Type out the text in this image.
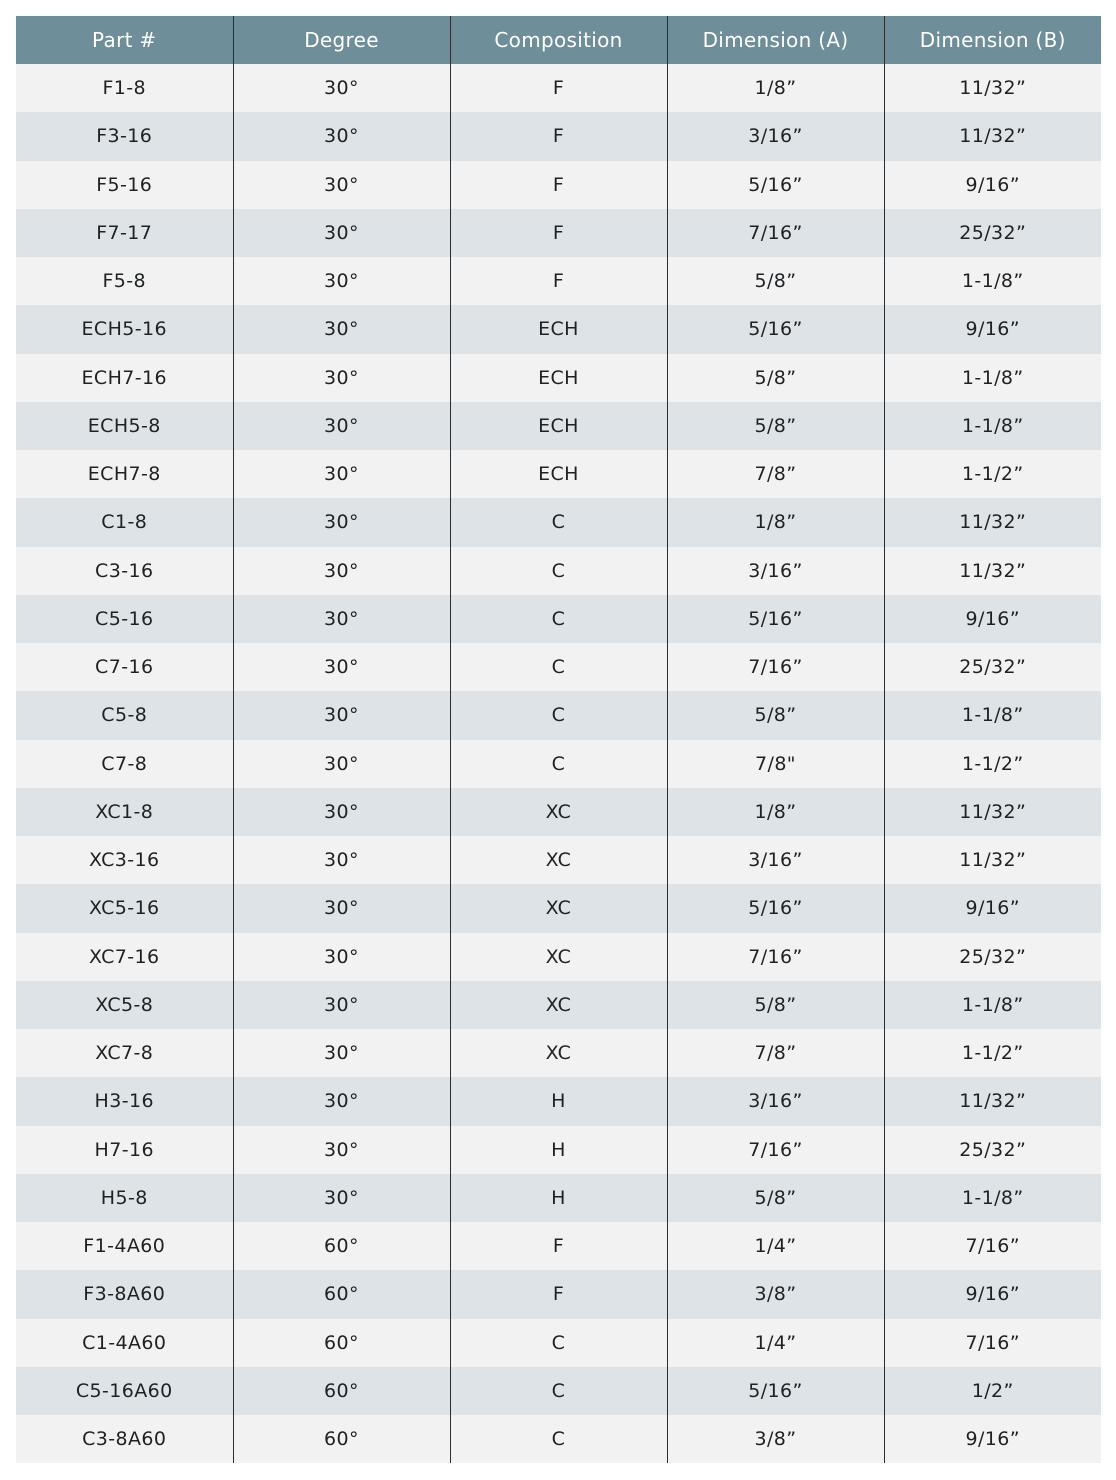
Part #	Degree	Composition	Dimension (A)	Dimension (B)
F1-8	30°	F	1/8”	11/32”
F3-16	30°	F	3/16”	11/32”
F5-16	30°	F	5/16”	9/16”
F7-17	30°	F	7/16”	25/32”
F5-8	30°	F	5/8”	1-1/8”
ECH5-16	30°	ECH	5/16”	9/16”
ECH7-16	30°	ECH	5/8”	1-1/8”
ECH5-8	30°	ECH	5/8”	1-1/8”
ECH7-8	30°	ECH	7/8”	1-1/2”
C1-8	30°	C	1/8”	11/32”
C3-16	30°	C	3/16”	11/32”
C5-16	30°	C	5/16”	9/16”
C7-16	30°	C	7/16”	25/32”
C5-8	30°	C	5/8”	1-1/8”
C7-8	30°	C	7/8"	1-1/2”
XC1-8	30°	XC	1/8”	11/32”
XC3-16	30°	XC	3/16”	11/32”
XC5-16	30°	XC	5/16”	9/16”
XC7-16	30°	XC	7/16”	25/32”
XC5-8	30°	XC	5/8”	1-1/8”
XC7-8	30°	XC	7/8”	1-1/2”
H3-16	30°	H	3/16”	11/32”
H7-16	30°	H	7/16”	25/32”
H5-8	30°	H	5/8”	1-1/8”
F1-4A60	60°	F	1/4”	7/16”
F3-8A60	60°	F	3/8”	9/16”
C1-4A60	60°	C	1/4”	7/16”
C5-16A60	60°	C	5/16”	1/2”
C3-8A60	60°	C	3/8”	9/16”
